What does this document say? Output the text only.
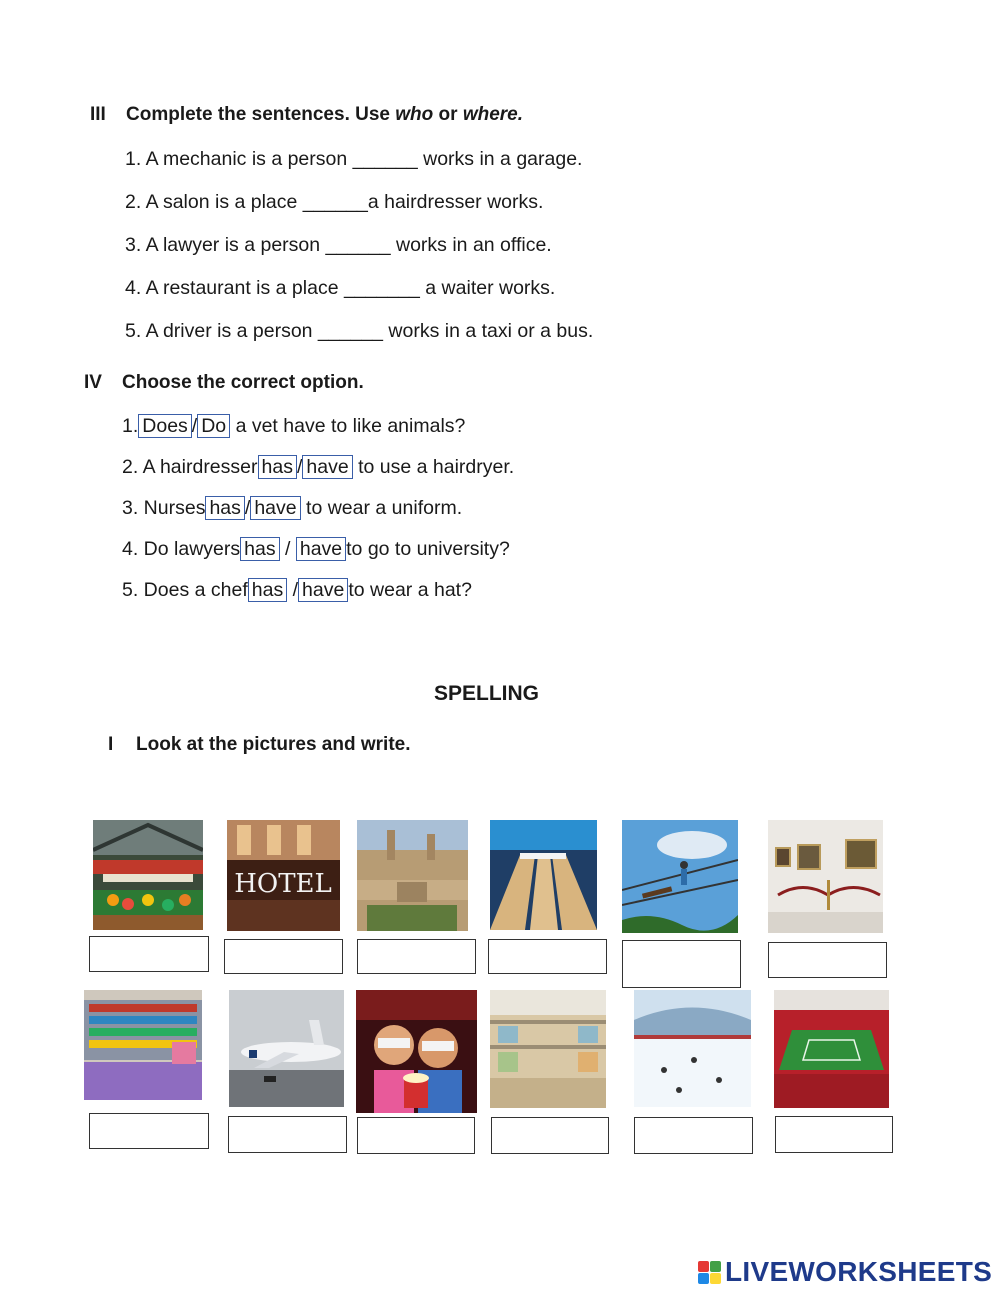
III Complete the sentences. Use who or where.
1. A mechanic is a person ______ works in a garage.
2. A salon is a place ______a hairdresser works.
3. A lawyer is a person ______ works in an office.
4. A restaurant is a place _______ a waiter works.
5. A driver is a person ______ works in a taxi or a bus.
IV Choose the correct option.
1. Does / Do a vet have to like animals?
2. A hairdresser has / have to use a hairdryer.
3. Nurses has / have to wear a uniform.
4. Do lawyers has / have to go to university?
5. Does a chef has / have to wear a hat?
SPELLING
I Look at the pictures and write.
HOTEL
LIVEWORKSHEETS
